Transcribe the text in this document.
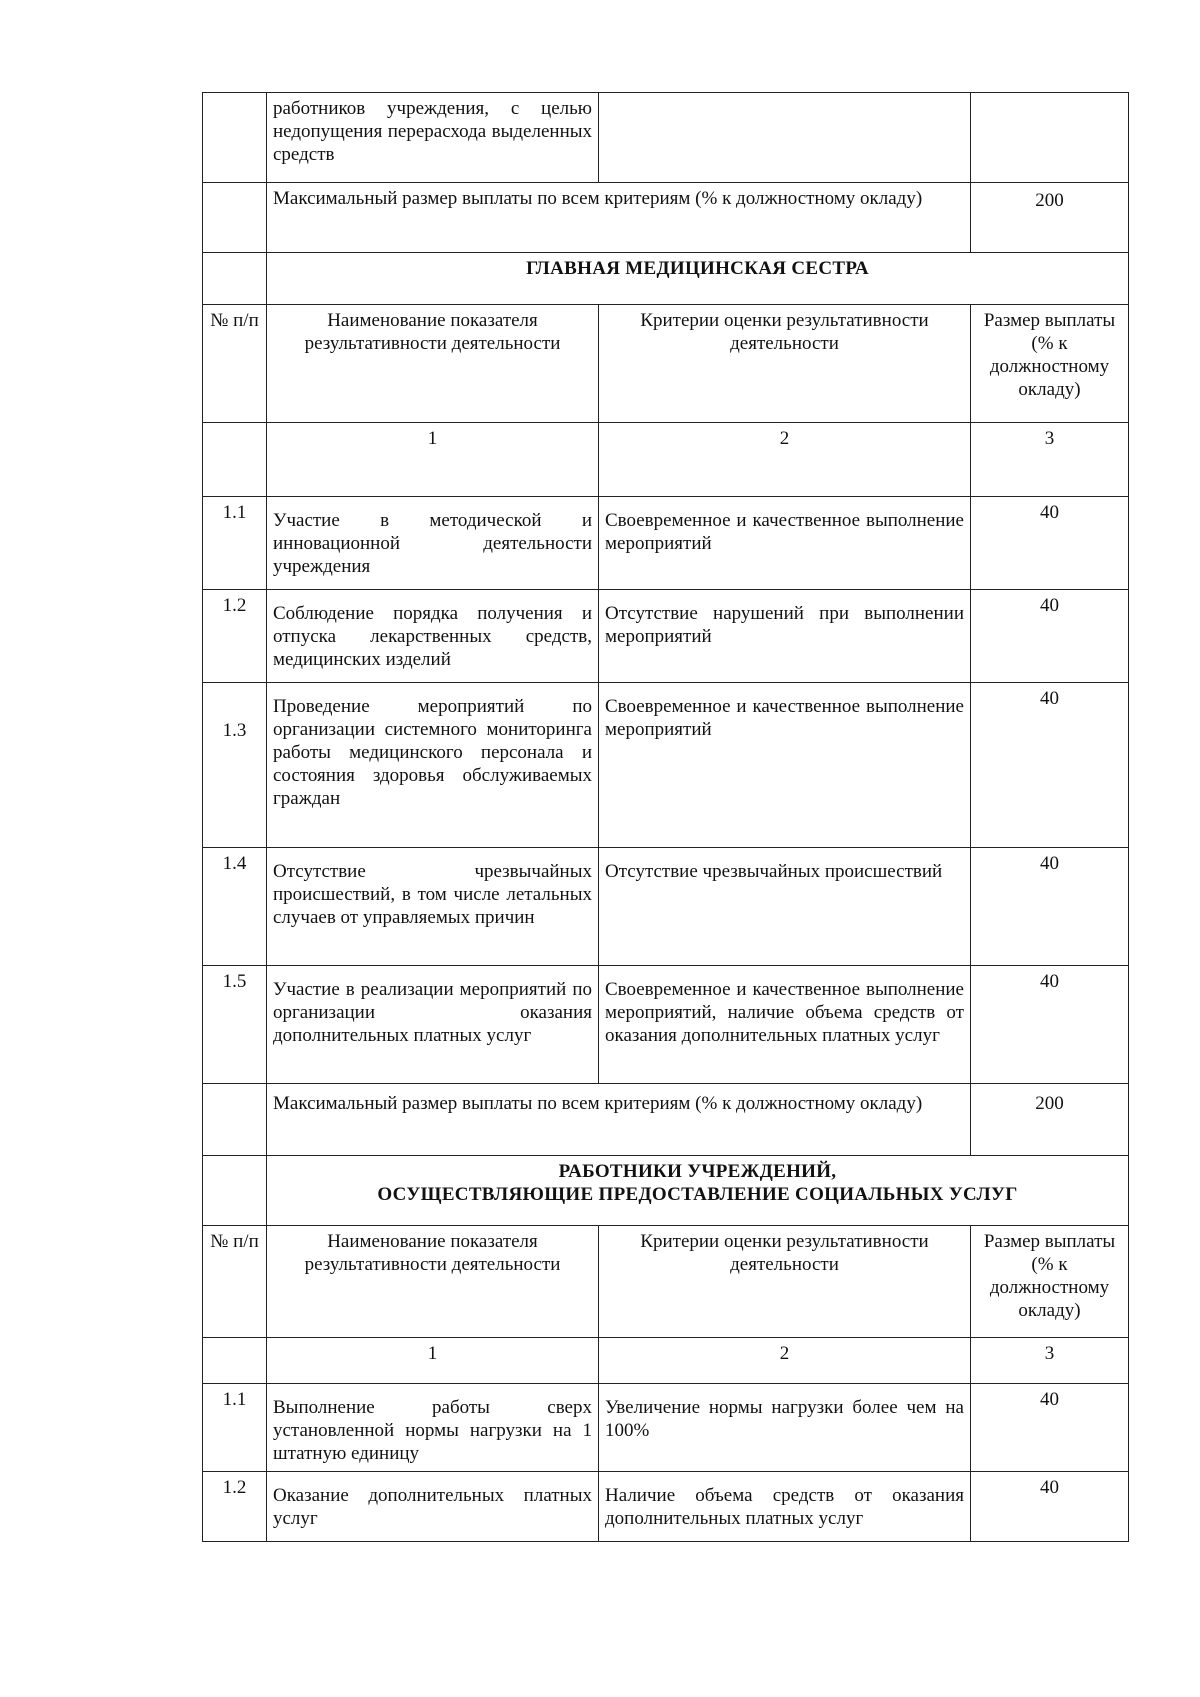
	работников учреждения, с целью недопущения перерасхода выделенных средств		
	Максимальный размер выплаты по всем критериям (% к должностному окладу)		200
	ГЛАВНАЯ МЕДИЦИНСКАЯ СЕСТРА		
№ п/п	Наименование показателя результативности деятельности	Критерии оценки результативности деятельности	Размер выплаты (% к должностному окладу)
	1	2	3
1.1	Участие в методической и инновационной деятельности учреждения	Своевременное и качественное выполнение мероприятий	40
1.2	Соблюдение порядка получения и отпуска лекарственных средств, медицинских изделий	Отсутствие нарушений при выполнении мероприятий	40
1.3	Проведение мероприятий по организации системного мониторинга работы медицинского персонала и состояния здоровья обслуживаемых граждан	Своевременное и качественное выполнение мероприятий	40
1.4	Отсутствие чрезвычайных происшествий, в том числе летальных случаев от управляемых причин	Отсутствие чрезвычайных происшествий	40
1.5	Участие в реализации мероприятий по организации оказания дополнительных платных услуг	Своевременное и качественное выполнение мероприятий, наличие объема средств от оказания дополнительных платных услуг	40
	Максимальный размер выплаты по всем критериям (% к должностному окладу)		200

	РАБОТНИКИ УЧРЕЖДЕНИЙ,
ОСУЩЕСТВЛЯЮЩИЕ ПРЕДОСТАВЛЕНИЕ СОЦИАЛЬНЫХ УСЛУГ		

№ п/п	Наименование показателя результативности деятельности	Критерии оценки результативности деятельности	Размер выплаты (% к должностному окладу)
	1	2	3
1.1	Выполнение работы сверх установленной нормы нагрузки на 1 штатную единицу	Увеличение нормы нагрузки более чем на 100%	40
1.2	Оказание дополнительных платных услуг	Наличие объема средств от оказания дополнительных платных услуг	40
